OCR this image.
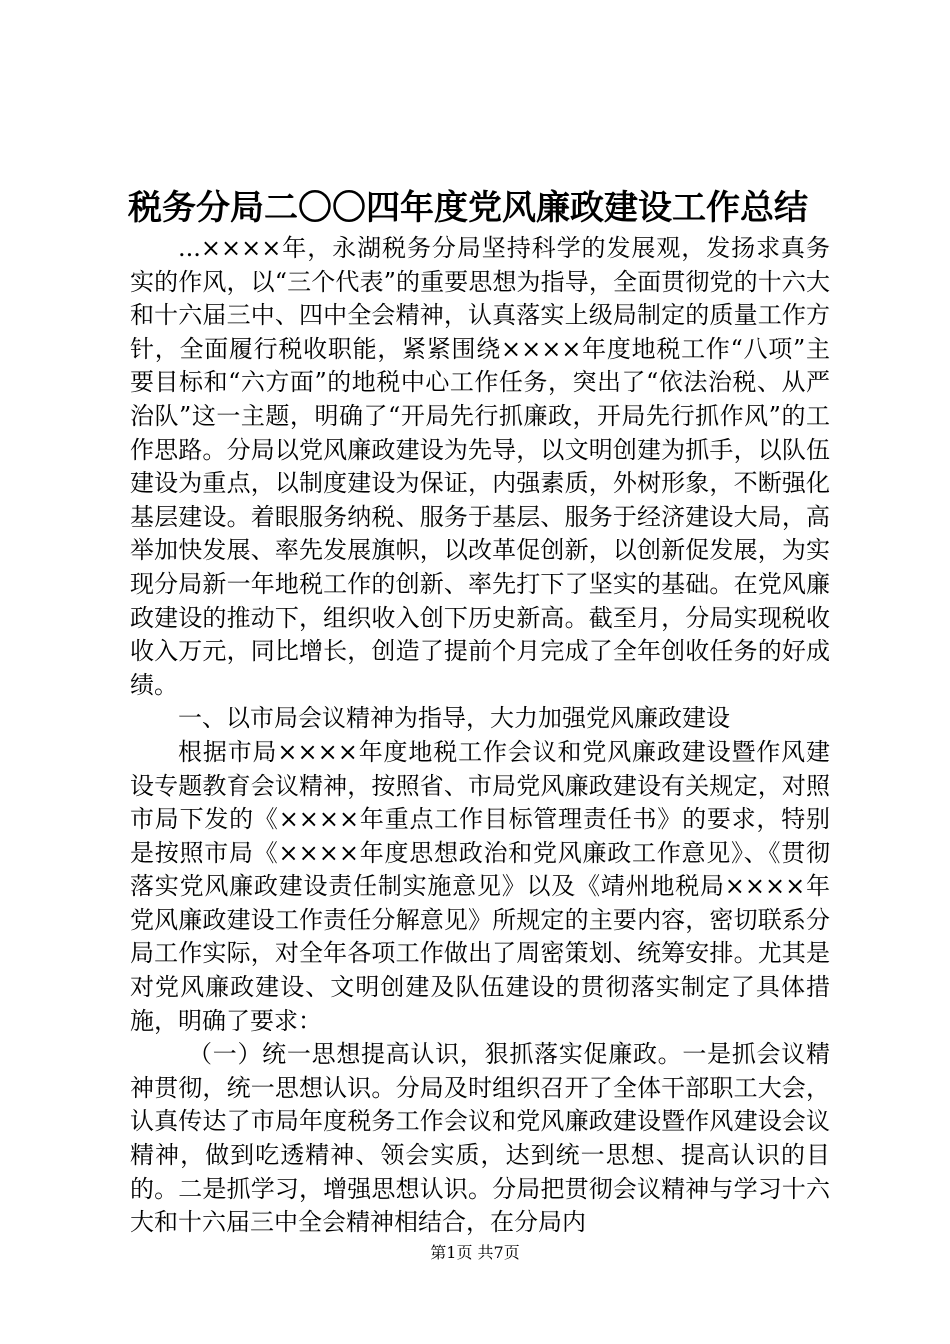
税务分局二〇〇四年度党风廉政建设工作总结

...××××年，永湖税务分局坚持科学的发展观，发扬求真务实的作风，以“三个代表”的重要思想为指导，全面贯彻党的十六大和十六届三中、四中全会精神，认真落实上级局制定的质量工作方针，全面履行税收职能，紧紧围绕××××年度地税工作“八项”主要目标和“六方面”的地税中心工作任务，突出了“依法治税、从严治队”这一主题，明确了“开局先行抓廉政，开局先行抓作风”的工作思路。分局以党风廉政建设为先导，以文明创建为抓手，以队伍建设为重点，以制度建设为保证，内强素质，外树形象，不断强化基层建设。着眼服务纳税、服务于基层、服务于经济建设大局，高举加快发展、率先发展旗帜，以改革促创新，以创新促发展，为实现分局新一年地税工作的创新、率先打下了坚实的基础。在党风廉政建设的推动下，组织收入创下历史新高。截至月，分局实现税收收入万元，同比增长，创造了提前个月完成了全年创收任务的好成绩。

一、以市局会议精神为指导，大力加强党风廉政建设

根据市局××××年度地税工作会议和党风廉政建设暨作风建设专题教育会议精神，按照省、市局党风廉政建设有关规定，对照市局下发的《××××年重点工作目标管理责任书》的要求，特别是按照市局《××××年度思想政治和党风廉政工作意见》、《贯彻落实党风廉政建设责任制实施意见》以及《靖州地税局××××年党风廉政建设工作责任分解意见》所规定的主要内容，密切联系分局工作实际，对全年各项工作做出了周密策划、统筹安排。尤其是对党风廉政建设、文明创建及队伍建设的贯彻落实制定了具体措施，明确了要求：

（一）统一思想提高认识，狠抓落实促廉政。一是抓会议精神贯彻，统一思想认识。分局及时组织召开了全体干部职工大会，认真传达了市局年度税务工作会议和党风廉政建设暨作风建设会议精神，做到吃透精神、领会实质，达到统一思想、提高认识的目的。二是抓学习，增强思想认识。分局把贯彻会议精神与学习十六大和十六届三中全会精神相结合，在分局内

第1页 共7页
